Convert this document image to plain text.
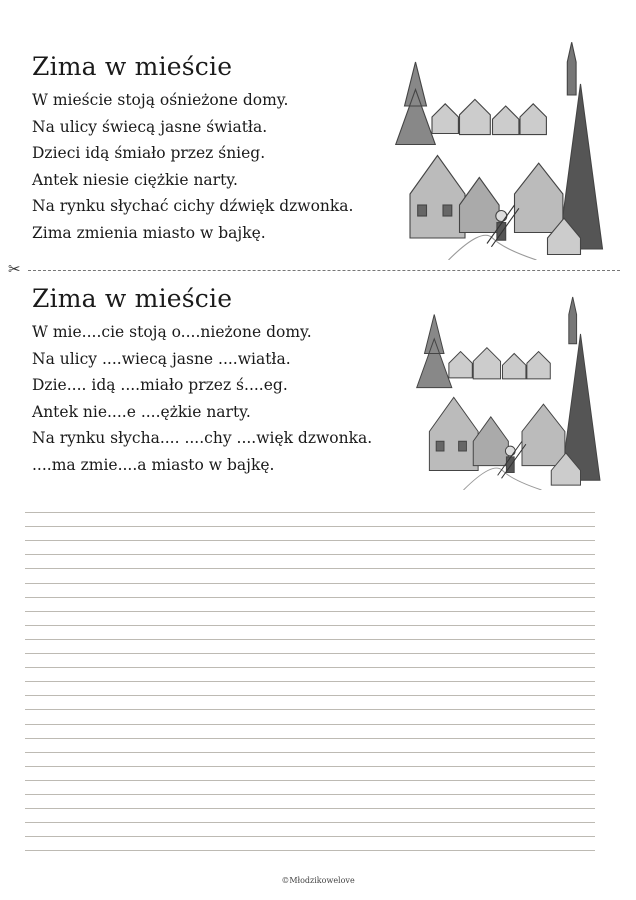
Zima w mieście
W mieście stoją ośnieżone domy.
Na ulicy świecą jasne światła.
Dzieci idą śmiało przez śnieg.
Antek niesie ciężkie narty.
Na rynku słychać cichy dźwięk dzwonka.
Zima zmienia miasto w bajkę.
✂
Zima w mieście
W mie....cie stoją o....nieżone domy.
Na ulicy ....wiecą jasne ....wiatła.
Dzie.... idą ....miało przez ś....eg.
Antek nie....e ....ężkie narty.
Na rynku słycha.... ....chy ....więk dzwonka.
....ma zmie....a miasto w bajkę.
©Młodzikowelove
